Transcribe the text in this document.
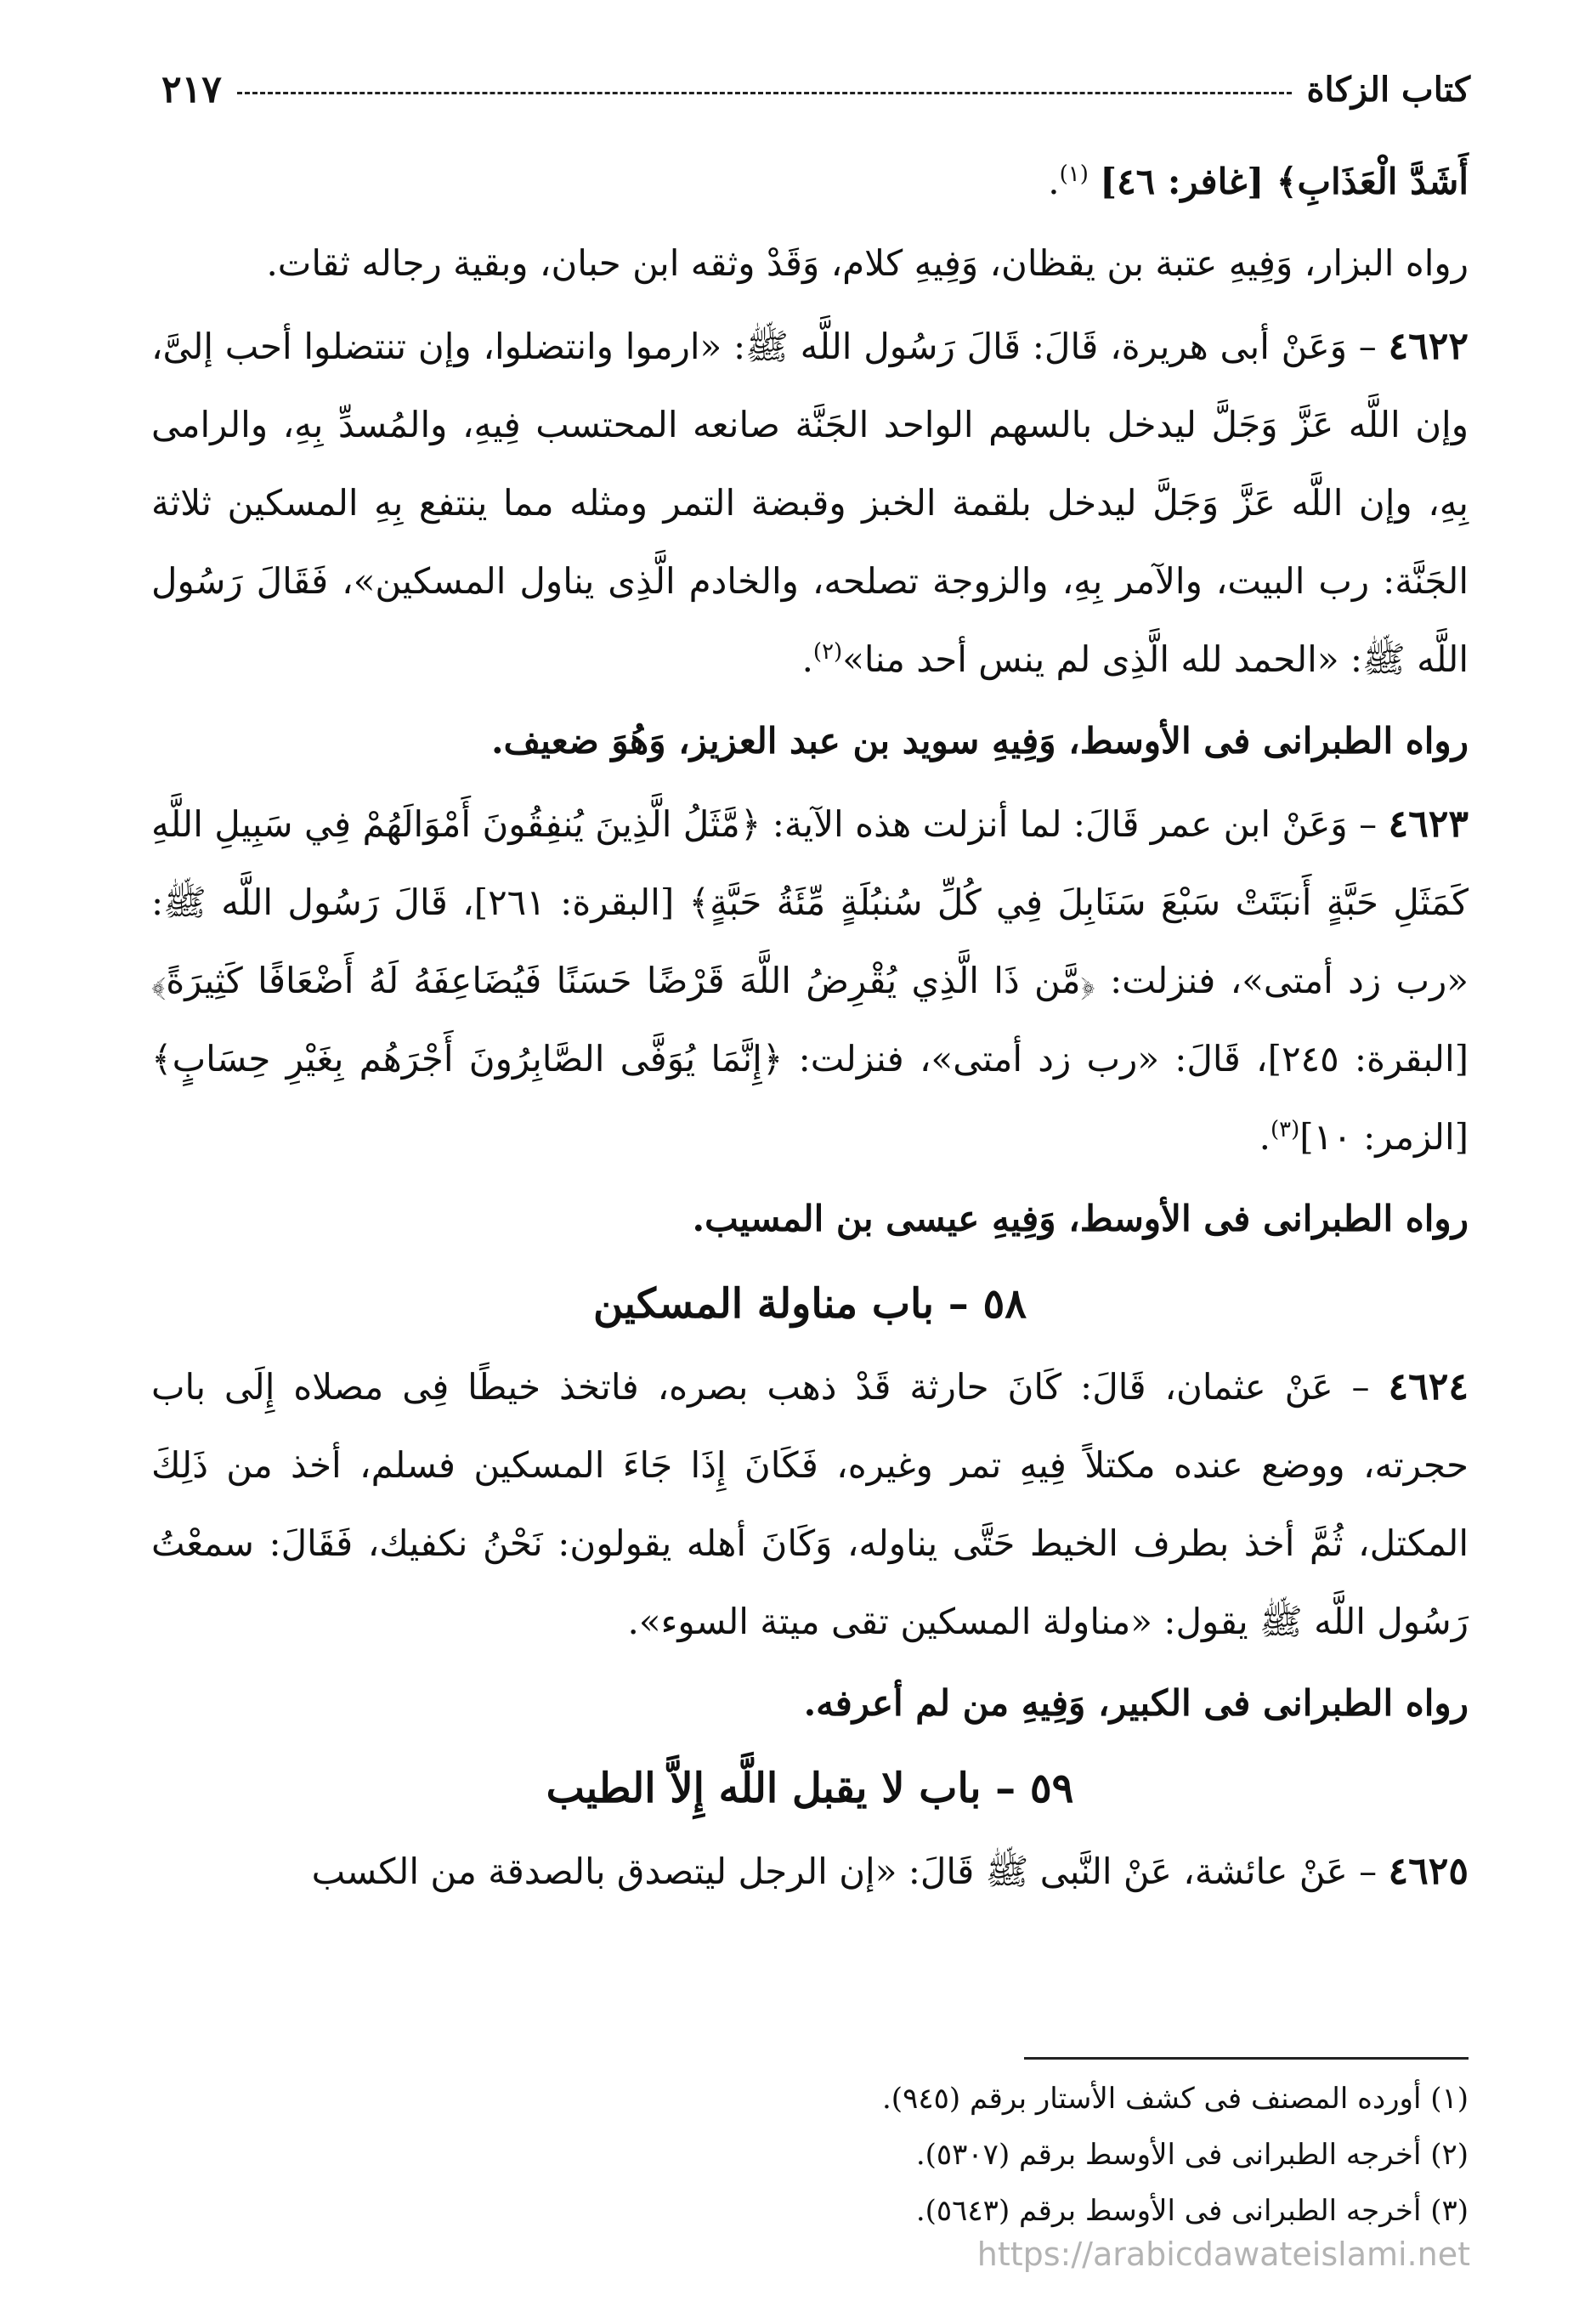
كتاب الزكاة
٢١٧

أَشَدَّ الْعَذَابِ﴾ [غافر: ٤٦] $^{(١)}$.

رواه البزار، وَفِيهِ عتبة بن يقظان، وَفِيهِ كلام، وَقَدْ وثقه ابن حبان، وبقية رجاله ثقات.

٤٦٢٢ – وَعَنْ أبى هريرة، قَالَ: قَالَ رَسُول اللَّه ﷺ: «ارموا وانتضلوا، وإن تنتضلوا أحب إلىَّ، وإن اللَّه عَزَّ وَجَلَّ ليدخل بالسهم الواحد الجَنَّة صانعه المحتسب فِيهِ، والمُسدِّ بِهِ، والرامى بِهِ، وإن اللَّه عَزَّ وَجَلَّ ليدخل بلقمة الخبز وقبضة التمر ومثله مما ينتفع بِهِ المسكين ثلاثة الجَنَّة: رب البيت، والآمر بِهِ، والزوجة تصلحه، والخادم الَّذِى يناول المسكين»، فَقَالَ رَسُول اللَّه ﷺ: «الحمد لله الَّذِى لم ينس أحد منا»$^{(٢)}$.

رواه الطبرانى فى الأوسط، وَفِيهِ سويد بن عبد العزيز، وَهُوَ ضعيف.

٤٦٢٣ – وَعَنْ ابن عمر قَالَ: لما أنزلت هذه الآية: ﴿مَّثَلُ الَّذِينَ يُنفِقُونَ أَمْوَالَهُمْ فِي سَبِيلِ اللَّهِ كَمَثَلِ حَبَّةٍ أَنبَتَتْ سَبْعَ سَنَابِلَ فِي كُلِّ سُنبُلَةٍ مِّئَةُ حَبَّةٍ﴾ [البقرة: ٢٦١]، قَالَ رَسُول اللَّه ﷺ: «رب زد أمتى»، فنزلت: ﴿مَّن ذَا الَّذِي يُقْرِضُ اللَّهَ قَرْضًا حَسَنًا فَيُضَاعِفَهُ لَهُ أَضْعَافًا كَثِيرَةً﴾ [البقرة: ٢٤٥]، قَالَ: «رب زد أمتى»، فنزلت: ﴿إِنَّمَا يُوَفَّى الصَّابِرُونَ أَجْرَهُم بِغَيْرِ حِسَابٍ﴾ [الزمر: ١٠]$^{(٣)}$.

رواه الطبرانى فى الأوسط، وَفِيهِ عيسى بن المسيب.

٥٨ – باب مناولة المسكين

٤٦٢٤ – عَنْ عثمان، قَالَ: كَانَ حارثة قَدْ ذهب بصره، فاتخذ خيطًا فِى مصلاه إِلَى باب حجرته، ووضع عنده مكتلاً فِيهِ تمر وغيره، فَكَانَ إِذَا جَاءَ المسكين فسلم، أخذ من ذَلِكَ المكتل، ثُمَّ أخذ بطرف الخيط حَتَّى يناوله، وَكَانَ أهله يقولون: نَحْنُ نكفيك، فَقَالَ: سمعْتُ رَسُول اللَّه ﷺ يقول: «مناولة المسكين تقى ميتة السوء».

رواه الطبرانى فى الكبير، وَفِيهِ من لم أعرفه.

٥٩ – باب لا يقبل اللَّه إِلاَّ الطيب

٤٦٢٥ – عَنْ عائشة، عَنْ النَّبى ﷺ قَالَ: «إن الرجل ليتصدق بالصدقة من الكسب

(١) أورده المصنف فى كشف الأستار برقم (٩٤٥).

(٢) أخرجه الطبرانى فى الأوسط برقم (٥٣٠٧).

(٣) أخرجه الطبرانى فى الأوسط برقم (٥٦٤٣).

https://arabicdawateislami.net
